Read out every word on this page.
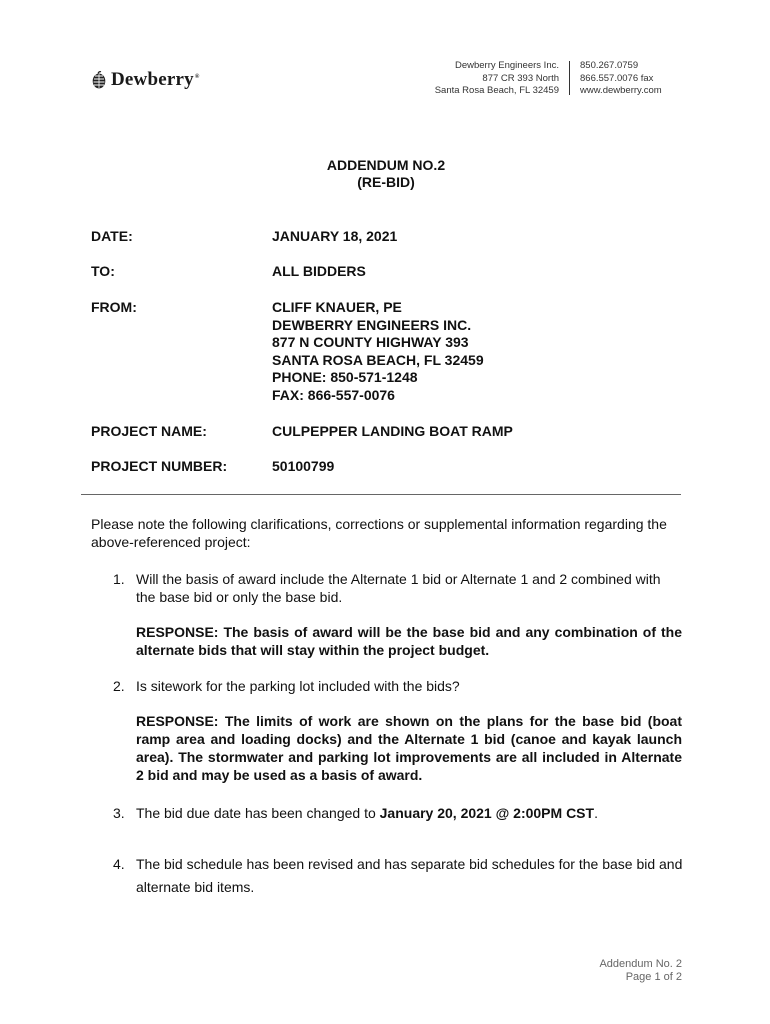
Dewberry®
Dewberry Engineers Inc.
877 CR 393 North
Santa Rosa Beach, FL 32459
850.267.0759
866.557.0076 fax
www.dewberry.com
ADDENDUM NO.2
(RE-BID)
DATE:	JANUARY 18, 2021
TO:	ALL BIDDERS
FROM:	CLIFF KNAUER, PE
DEWBERRY ENGINEERS INC.
877 N COUNTY HIGHWAY 393
SANTA ROSA BEACH, FL 32459
PHONE: 850-571-1248
FAX: 866-557-0076
PROJECT NAME:	CULPEPPER LANDING BOAT RAMP
PROJECT NUMBER:	50100799
Please note the following clarifications, corrections or supplemental information regarding the above-referenced project:
1. Will the basis of award include the Alternate 1 bid or Alternate 1 and 2 combined with the base bid or only the base bid.
RESPONSE: The basis of award will be the base bid and any combination of the alternate bids that will stay within the project budget.
2. Is sitework for the parking lot included with the bids?
RESPONSE: The limits of work are shown on the plans for the base bid (boat ramp area and loading docks) and the Alternate 1 bid (canoe and kayak launch area). The stormwater and parking lot improvements are all included in Alternate 2 bid and may be used as a basis of award.
3. The bid due date has been changed to January 20, 2021 @ 2:00PM CST.
4. The bid schedule has been revised and has separate bid schedules for the base bid and alternate bid items.
Addendum No. 2
Page 1 of 2
